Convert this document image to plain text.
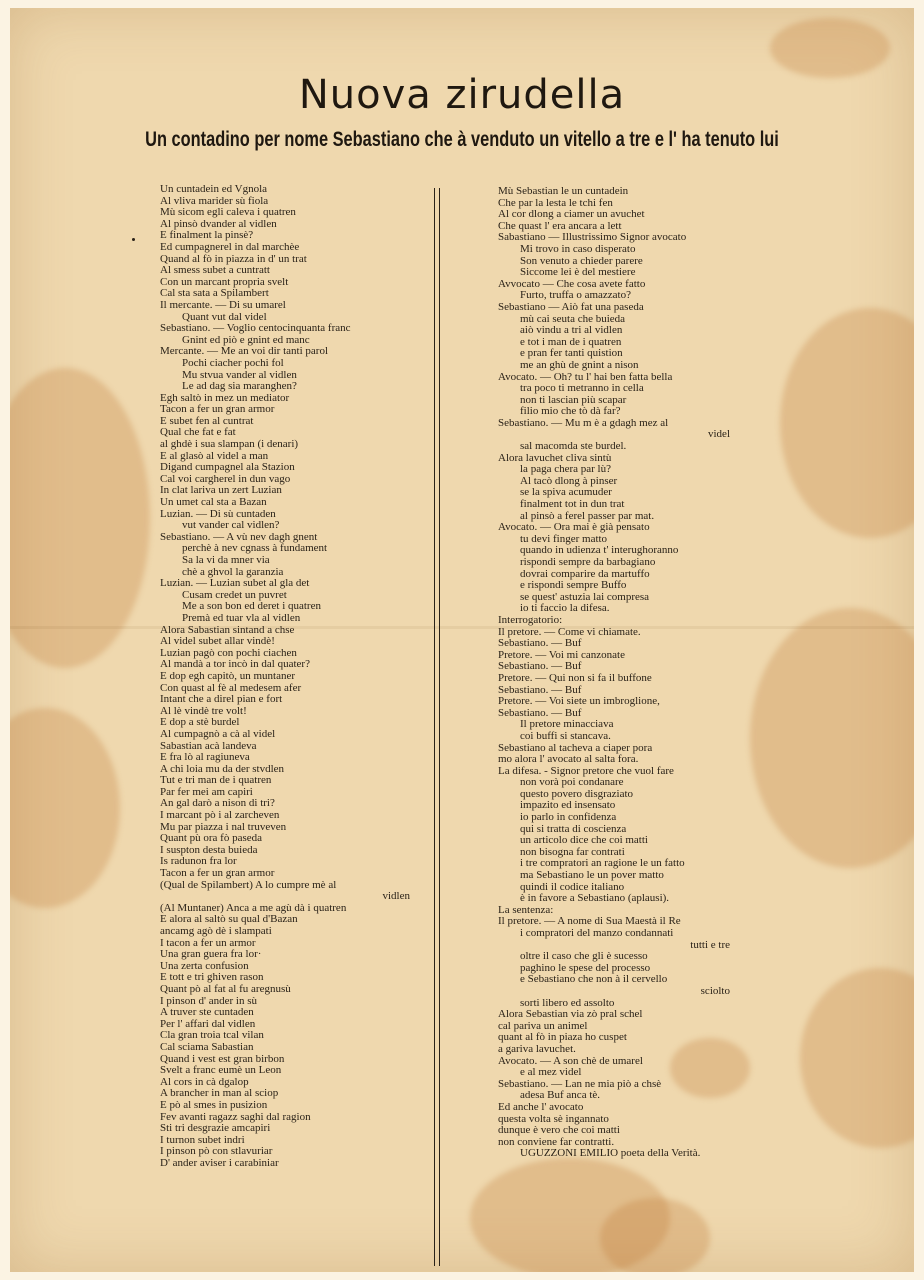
Nuova zirudella
Un contadino per nome Sebastiano che à venduto un vitello a tre e l' ha tenuto lui
Un cuntadein ed Vgnola
Al vliva marider sù fiola
Mù sicom egli caleva i quatren
Al pinsò dvander al vidlen
E finalment la pinsè?
Ed cumpagnerel in dal marchèe
Quand al fò in piazza in d' un trat
Al smess subet a cuntratt
Con un marcant propria svelt
Cal sta sata a Spilambert
Il mercante. — Di su umarel
Quant vut dal videl
Sebastiano. — Voglio centocinquanta franc
Gnint ed piò e gnint ed manc
Mercante. — Me an voi dir tanti parol
Pochi ciacher pochi fol
Mu stvua vander al vidlen
Le ad dag sia maranghen?
Egh saltò in mez un mediator
Tacon a fer un gran armor
E subet fen al cuntrat
Qual che fat e fat
al ghdè i sua slampan (i denari)
E al glasò al videl a man
Digand cumpagnel ala Stazion
Cal voi cargherel in dun vago
In clat lariva un zert Luzian
Un umet cal sta a Bazan
Luzian. — Di sù cuntaden
vut vander cal vidlen?
Sebastiano. — A vù nev dagh gnent
perchè à nev cgnass à fundament
Sa la vi da mner via
chè a ghvol la garanzia
Luzian. — Luzian subet al gla det
Cusam credet un puvret
Me a son bon ed deret i quatren
Premà ed tuar vla al vidlen
Alora Sabastian sintand a chse
Al videl subet allar vindè!
Luzian pagò con pochi ciachen
Al mandà a tor incò in dal quater?
E dop egh capitò, un muntaner
Con quast al fè al medesem afer
Intant che a direl pian e fort
Al lè vindè tre volt!
E dop a stè burdel
Al cumpagnò a cà al videl
Sabastian acà landeva
E fra lò al ragiuneva
A chi loia mu da der stvdlen
Tut e tri man de i quatren
Par fer mei am capiri
An gal darò a nison di tri?
I marcant pò i al zarcheven
Mu par piazza i nal truveven
Quant pù ora fò paseda
I suspton desta buieda
Is radunon fra lor
Tacon a fer un gran armor
(Qual de Spilambert) A lo cumpre mè al
vidlen
(Al Muntaner) Anca a me agù dà i quatren
E alora al saltò su qual d'Bazan
ancamg agò dè i slampati
I tacon a fer un armor
Una gran guera fra lor·
Una zerta confusion
E tott e tri ghiven rason
Quant pò al fat al fu aregnusù
I pinson d' ander in sù
A truver ste cuntaden
Per l' affari dal vidlen
Cla gran troia tcal vilan
Cal sciama Sabastian
Quand i vest est gran birbon
Svelt a franc eumè un Leon
Al cors in cà dgalop
A brancher in man al sciop
E pò al smes in pusizion
Fev avanti ragazz saghi dal ragion
Sti tri desgrazie amcapiri
I turnon subet indri
I pinson pò con stlavuriar
D' ander aviser i carabiniar
Mù Sebastian le un cuntadein
Che par la lesta le tchi fen
Al cor dlong a ciamer un avuchet
Che quast l' era ancara a lett
Sabastiano — Illustrissimo Signor avocato
Mi trovo in caso disperato
Son venuto a chieder parere
Siccome lei è del mestiere
Avvocato — Che cosa avete fatto
Furto, truffa o amazzato?
Sebastiano — Aiò fat una paseda
mù cai seuta che buieda
aiò vindu a tri al vidlen
e tot i man de i quatren
e pran fer tanti quistion
me an ghù de gnint a nison
Avocato. — Oh? tu l' hai ben fatta bella
tra poco ti metranno in cella
non ti lascian più scapar
filio mio che tò dà far?
Sebastiano. — Mu m è a gdagh mez al
videl
sal macomda ste burdel.
Alora lavuchet cliva sintù
la paga chera par lù?
Al tacò dlong à pinser
se la spiva acumuder
finalment tot in dun trat
al pinsò a ferel passer par mat.
Avocato. — Ora mai è già pensato
tu devi finger matto
quando in udienza t' interughoranno
rispondi sempre da barbagiano
dovrai comparire da martuffo
e rispondi sempre Buffo
se quest' astuzia lai compresa
io ti faccio la difesa.
Interrogatorio:
Il pretore. — Come vi chiamate.
Sebastiano. — Buf
Pretore. — Voi mi canzonate
Sebastiano. — Buf
Pretore. — Qui non si fa il buffone
Sebastiano. — Buf
Pretore. — Voi siete un imbroglione,
Sebastiano. — Buf
Il pretore minacciava
coi buffi si stancava.
Sebastiano al tacheva a ciaper pora
mo alora l' avocato al salta fora.
La difesa. - Signor pretore che vuol fare
non vorà poi condanare
questo povero disgraziato
impazito ed insensato
io parlo in confidenza
qui si tratta di coscienza
un articolo dice che coi matti
non bisogna far contrati
i tre compratori an ragione le un fatto
ma Sebastiano le un pover matto
quindi il codice italiano
è in favore a Sebastiano (aplausi).
La sentenza:
Il pretore. — A nome di Sua Maestà il Re
i compratori del manzo condannati
tutti e tre
oltre il caso che gli è sucesso
paghino le spese del processo
e Sebastiano che non à il cervello
sciolto
sorti libero ed assolto
Alora Sebastian via zò pral schel
cal pariva un animel
quant al fò in piaza ho cuspet
a gariva lavuchet.
Avocato. — A son chè de umarel
e al mez videl
Sebastiano. — Lan ne mia piò a chsè
adesa Buf anca tè.
Ed anche l' avocato
questa volta sè ingannato
dunque è vero che coi matti
non conviene far contratti.
UGUZZONI EMILIO poeta della Verità.
